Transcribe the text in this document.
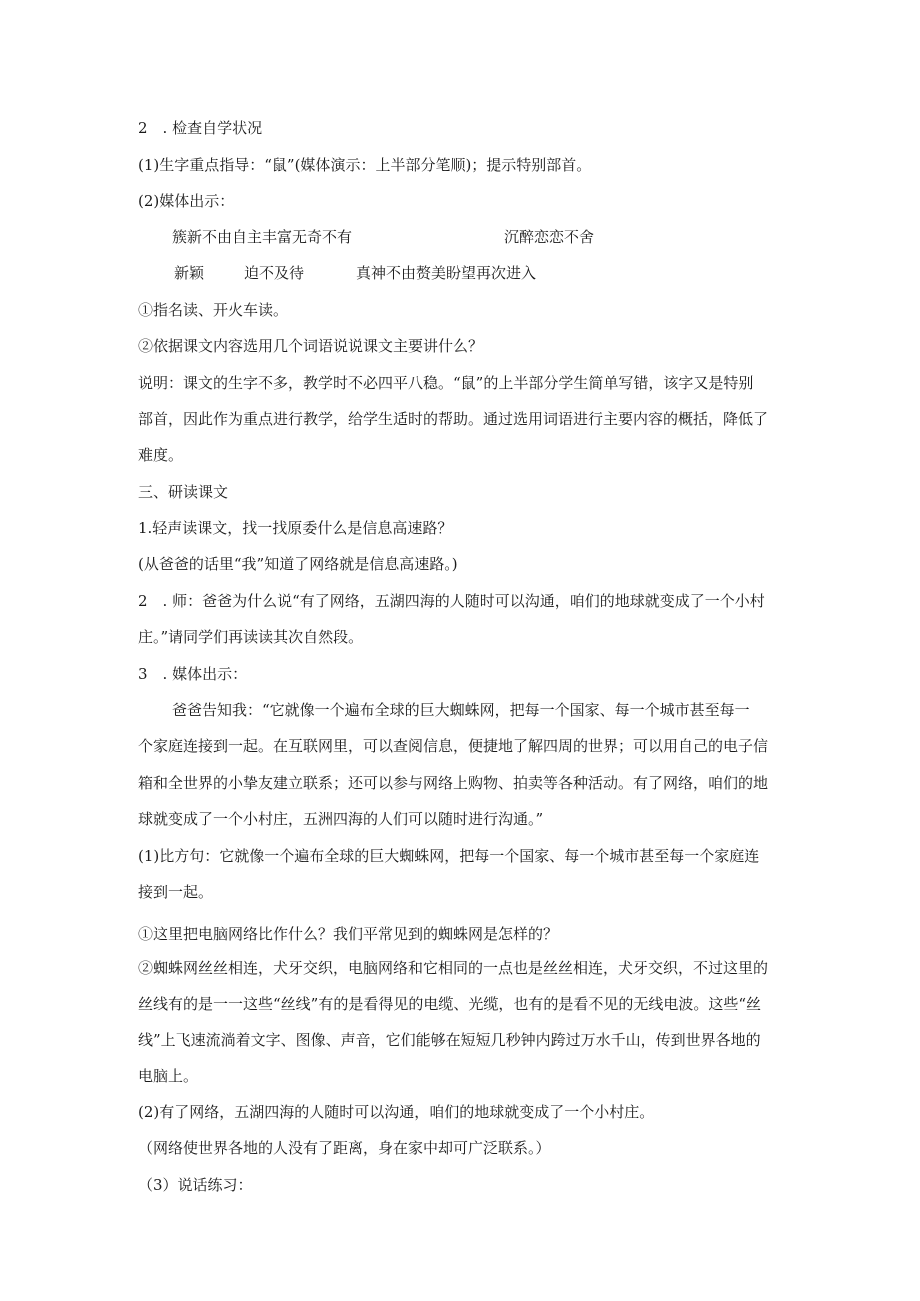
2　. 检查自学状况
(1)生字重点指导：“鼠”(媒体演示：上半部分笔顺)；提示特别部首。
(2)媒体出示：
簇新不由自主丰富无奇不有	沉醉恋恋不舍
新颖	迫不及待	真神不由赘美盼望再次进入
①指名读、开火车读。
②依据课文内容选用几个词语说说课文主要讲什么？
说明：课文的生字不多，教学时不必四平八稳。“鼠”的上半部分学生简单写错，该字又是特别
部首，因此作为重点进行教学，给学生适时的帮助。通过选用词语进行主要内容的概括，降低了
难度。
三、研读课文
1.轻声读课文，找一找原委什么是信息高速路？
(从爸爸的话里“我”知道了网络就是信息高速路。)
2　. 师：爸爸为什么说“有了网络，五湖四海的人随时可以沟通，咱们的地球就变成了一个小村
庄。”请同学们再读读其次自然段。
3　. 媒体出示：
爸爸告知我：“它就像一个遍布全球的巨大蜘蛛网，把每一个国家、每一个城市甚至每一
个家庭连接到一起。在互联网里，可以查阅信息，便捷地了解四周的世界；可以用自己的电子信
箱和全世界的小挚友建立联系；还可以参与网络上购物、拍卖等各种活动。有了网络，咱们的地
球就变成了一个小村庄，五洲四海的人们可以随时进行沟通。”
(1)比方句：它就像一个遍布全球的巨大蜘蛛网，把每一个国家、每一个城市甚至每一个家庭连
接到一起。
①这里把电脑网络比作什么？我们平常见到的蜘蛛网是怎样的？
②蜘蛛网丝丝相连，犬牙交织，电脑网络和它相同的一点也是丝丝相连，犬牙交织，不过这里的
丝线有的是一一这些“丝线”有的是看得见的电缆、光缆，也有的是看不见的无线电波。这些“丝
线”上飞速流淌着文字、图像、声音，它们能够在短短几秒钟内跨过万水千山，传到世界各地的
电脑上。
(2)有了网络，五湖四海的人随时可以沟通，咱们的地球就变成了一个小村庄。
（网络使世界各地的人没有了距离，身在家中却可广泛联系。）
（3）说话练习：
